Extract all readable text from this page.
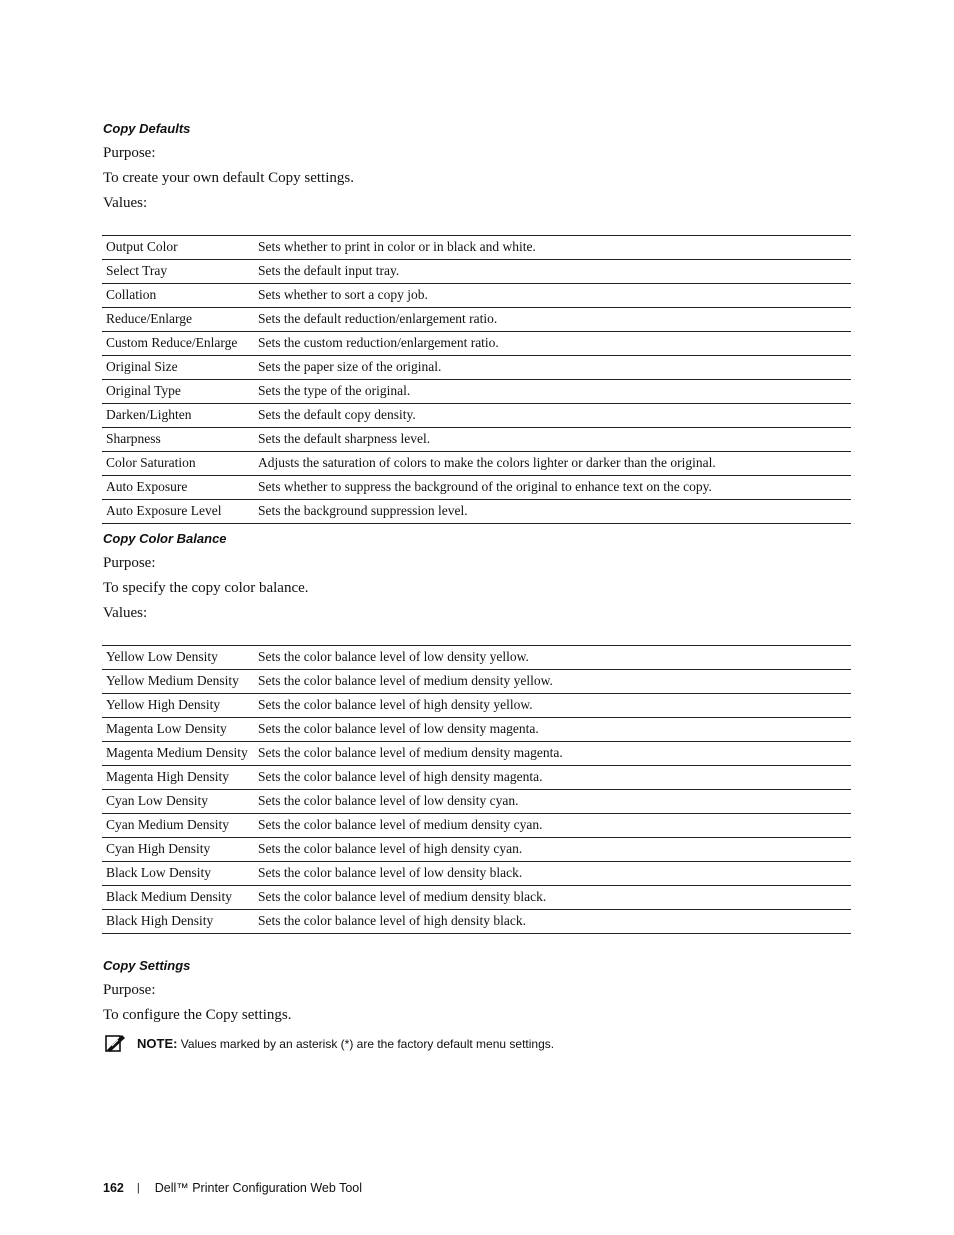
Copy Defaults
Purpose:
To create your own default Copy settings.
Values:
Output Color	Sets whether to print in color or in black and white.
Select Tray	Sets the default input tray.
Collation	Sets whether to sort a copy job.
Reduce/Enlarge	Sets the default reduction/enlargement ratio.
Custom Reduce/Enlarge	Sets the custom reduction/enlargement ratio.
Original Size	Sets the paper size of the original.
Original Type	Sets the type of the original.
Darken/Lighten	Sets the default copy density.
Sharpness	Sets the default sharpness level.
Color Saturation	Adjusts the saturation of colors to make the colors lighter or darker than the original.
Auto Exposure	Sets whether to suppress the background of the original to enhance text on the copy.
Auto Exposure Level	Sets the background suppression level.
Copy Color Balance
Purpose:
To specify the copy color balance.
Values:
Yellow Low Density	Sets the color balance level of low density yellow.
Yellow Medium Density	Sets the color balance level of medium density yellow.
Yellow High Density	Sets the color balance level of high density yellow.
Magenta Low Density	Sets the color balance level of low density magenta.
Magenta Medium Density	Sets the color balance level of medium density magenta.
Magenta High Density	Sets the color balance level of high density magenta.
Cyan Low Density	Sets the color balance level of low density cyan.
Cyan Medium Density	Sets the color balance level of medium density cyan.
Cyan High Density	Sets the color balance level of high density cyan.
Black Low Density	Sets the color balance level of low density black.
Black Medium Density	Sets the color balance level of medium density black.
Black High Density	Sets the color balance level of high density black.
Copy Settings
Purpose:
To configure the Copy settings.
NOTE: Values marked by an asterisk (*) are the factory default menu settings.
162 | Dell™ Printer Configuration Web Tool
